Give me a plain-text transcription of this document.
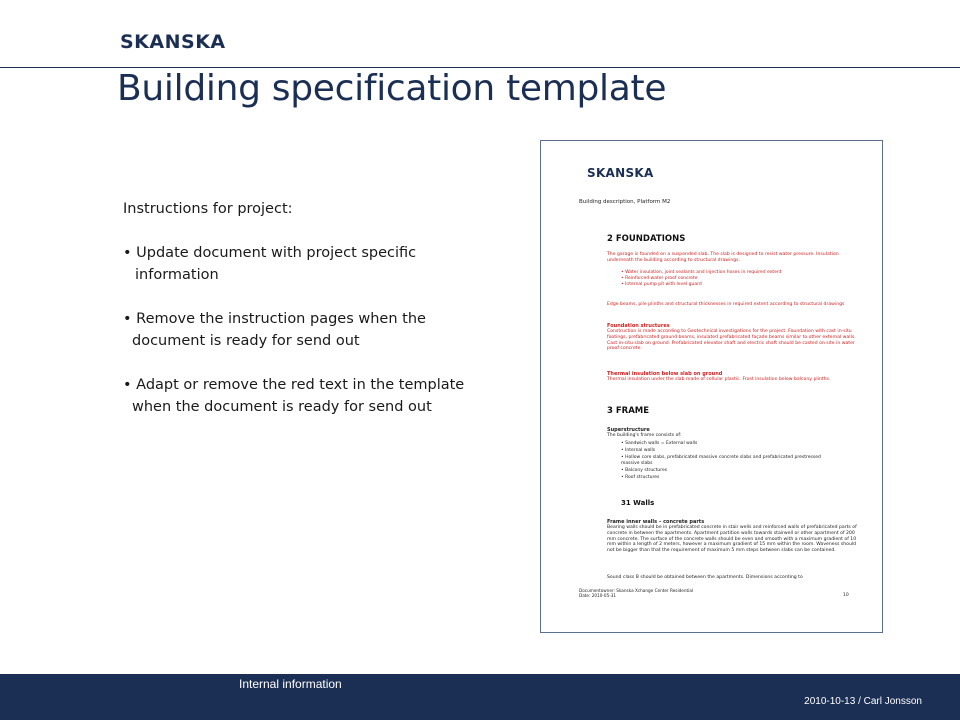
SKANSKA
Building specification template
Instructions for project:
• Update document with project specific
information
• Remove the instruction pages when the
document is ready for send out
• Adapt or remove the red text in the template
when the document is ready for send out
SKANSKA
Building description, Platform M2
2 FOUNDATIONS
The garage is founded on a suspended slab. The slab is designed to resist water pressure. Insulation underneath the building according to structural drawings.
• Water insulation, joint sealants and injection hoses in required extent
• Reinforced water proof concrete
• Internal pump pit with level guard
Edge beams, pile plinths and structural thicknesses in required extent according to structural drawings
Foundation structures
Construction is made according to Geotechnical investigations for the project. Foundation with cast in-situ footings, prefabricated ground beams, insulated prefabricated façade beams similar to other external walls. Cast in-situ slab on ground. Prefabricated elevator shaft and electric shaft should be casted on site in water proof concrete.
Thermal insulation below slab on ground
Thermal insulation under the slab made of cellular plastic. Frost insulation below balcony plinths.
3 FRAME
Superstructure
The building's frame consists of:
• Sandwich walls = External walls
• Internal walls
• Hollow core slabs, prefabricated massive concrete slabs and prefabricated prestressed massive slabs
• Balcony structures
• Roof structures
31 Walls
Frame inner walls – concrete parts
Bearing walls should be in prefabricated concrete in stair wells and reinforced walls of prefabricated parts of concrete in between the apartments. Apartment partition walls towards stairwell or other apartment of 200 mm concrete. The surface of the concrete walls should be even and smooth with a maximum gradient of 10 mm within a length of 2 meters, however a maximum gradient of 15 mm within the room. Waveness should not be bigger than that the requirement of maximum 5 mm steps between slabs can be contained.
Sound class B should be obtained between the apartments. Dimensions according to
Documentowner: Skanska Xchange Center Residential
Date: 2010-05-31	10
Internal information
2010-10-13 / Carl Jonsson
